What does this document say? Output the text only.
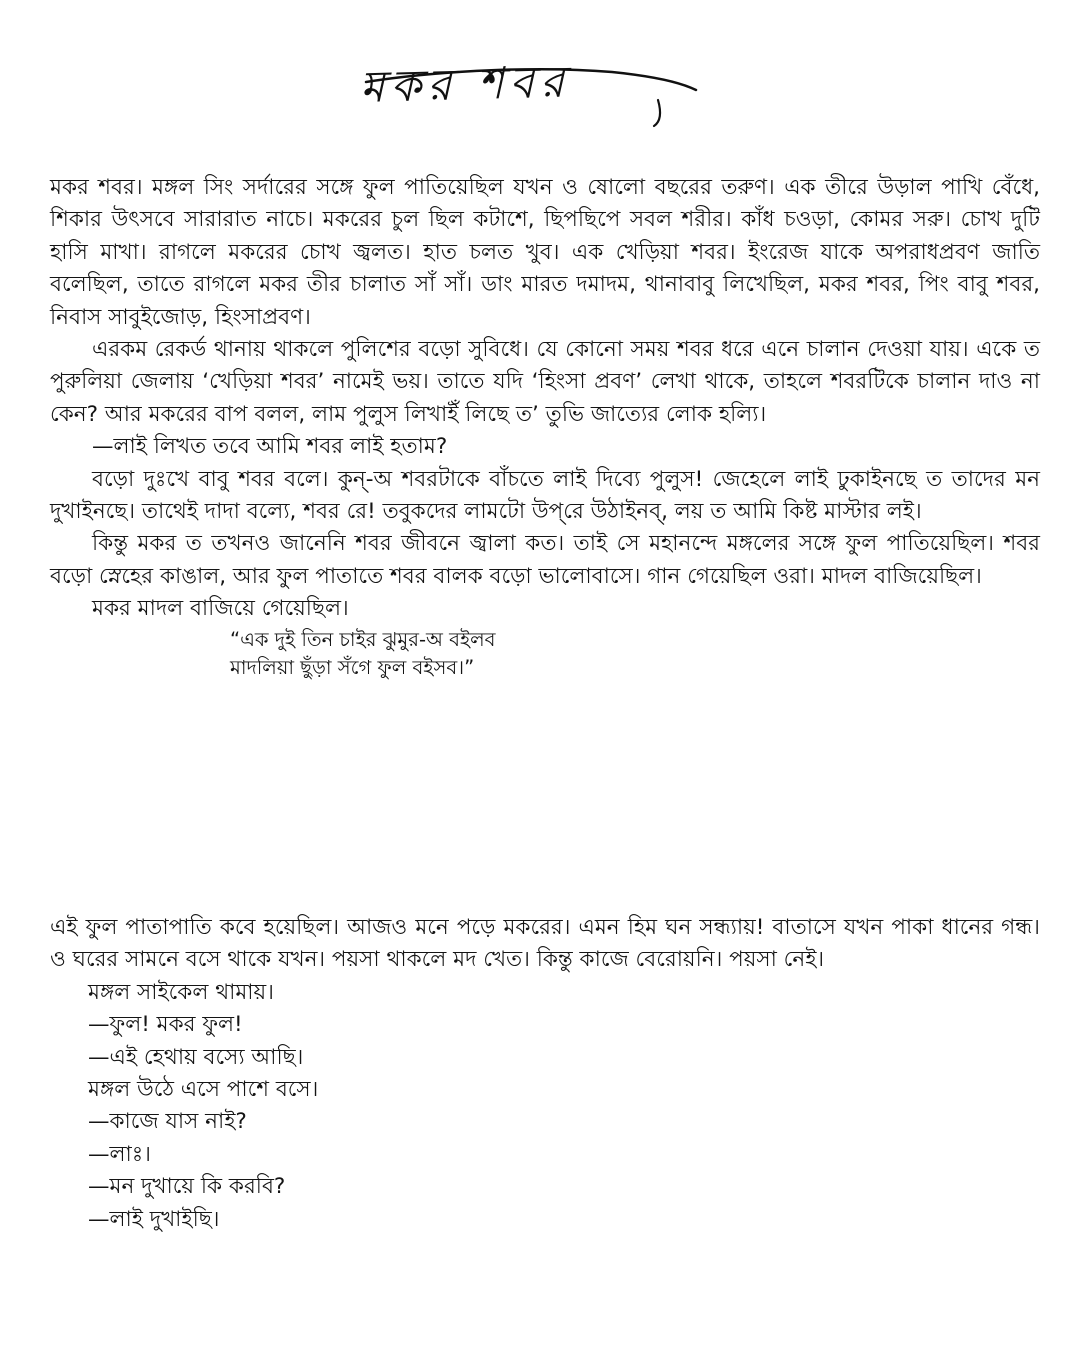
মকর শবর

মকর শবর। মঙ্গল সিং সর্দারের সঙ্গে ফুল পাতিয়েছিল যখন ও ষোলো বছরের তরুণ। এক তীরে উড়াল পাখি বেঁধে, শিকার উৎসবে সারারাত নাচে। মকরের চুল ছিল কটাশে, ছিপছিপে সবল শরীর। কাঁধ চওড়া, কোমর সরু। চোখ দুটি হাসি মাখা। রাগলে মকরের চোখ জ্বলত। হাত চলত খুব। এক খেড়িয়া শবর। ইংরেজ যাকে অপরাধপ্রবণ জাতি বলেছিল, তাতে রাগলে মকর তীর চালাত সাঁ সাঁ। ডাং মারত দমাদম, থানাবাবু লিখেছিল, মকর শবর, পিং বাবু শবর, নিবাস সাবুইজোড়, হিংসাপ্রবণ।

এরকম রেকর্ড থানায় থাকলে পুলিশের বড়ো সুবিধে। যে কোনো সময় শবর ধরে এনে চালান দেওয়া যায়। একে ত পুরুলিয়া জেলায় ‘খেড়িয়া শবর’ নামেই ভয়। তাতে যদি ‘হিংসা প্রবণ’ লেখা থাকে, তাহলে শবরটিকে চালান দাও না কেন? আর মকরের বাপ বলল, লাম পুলুস লিখাইঁ লিছে ত’ তুভি জাত্যের লোক হল্যি।

—লাই লিখত তবে আমি শবর লাই হতাম?

বড়ো দুঃখে বাবু শবর বলে। কুন্-অ শবরটাকে বাঁচতে লাই দিব্যে পুলুস! জেহেলে লাই ঢুকাইনছে ত তাদের মন দুখাইনছে। তাথেই দাদা বল্যে, শবর রে! তবুকদের লামটো উপ্‌রে উঠাইনব্, লয় ত আমি কিষ্ট মাস্টার লই।

কিন্তু মকর ত তখনও জানেনি শবর জীবনে জ্বালা কত। তাই সে মহানন্দে মঙ্গলের সঙ্গে ফুল পাতিয়েছিল। শবর বড়ো স্নেহের কাঙাল, আর ফুল পাতাতে শবর বালক বড়ো ভালোবাসে। গান গেয়েছিল ওরা। মাদল বাজিয়েছিল।

মকর মাদল বাজিয়ে গেয়েছিল।

“এক দুই তিন চাইর ঝুমুর-অ বইলব

মাদলিয়া ছুঁড়া সঁগে ফুল বইসব।”

এই ফুল পাতাপাতি কবে হয়েছিল। আজও মনে পড়ে মকরের। এমন হিম ঘন সন্ধ্যায়! বাতাসে যখন পাকা ধানের গন্ধ। ও ঘরের সামনে বসে থাকে যখন। পয়সা থাকলে মদ খেত। কিন্তু কাজে বেরোয়নি। পয়সা নেই।

মঙ্গল সাইকেল থামায়।

—ফুল! মকর ফুল!

—এই হেথায় বস্যে আছি।

মঙ্গল উঠে এসে পাশে বসে।

—কাজে যাস নাই?

—লাঃ।

—মন দুখায়ে কি করবি?

—লাই দুখাইছি।
